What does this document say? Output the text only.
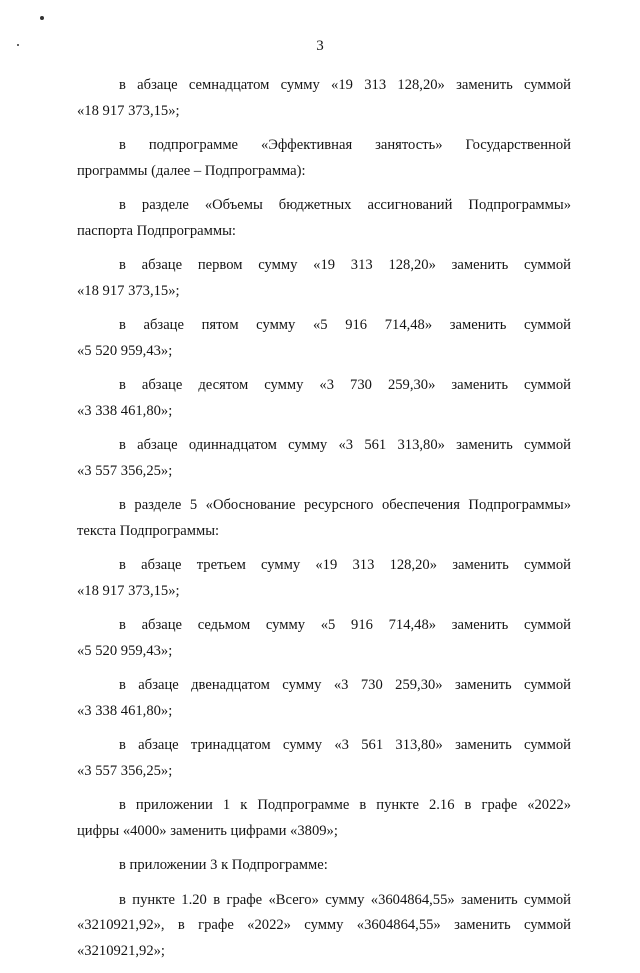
3

в абзаце семнадцатом сумму «19 313 128,20» заменить суммой
«18 917 373,15»;

в подпрограмме «Эффективная занятость» Государственной
программы (далее – Подпрограмма):

в разделе «Объемы бюджетных ассигнований Подпрограммы»
паспорта Подпрограммы:

в абзаце первом сумму «19 313 128,20» заменить суммой
«18 917 373,15»;

в абзаце пятом сумму «5 916 714,48» заменить суммой
«5 520 959,43»;

в абзаце десятом сумму «3 730 259,30» заменить суммой
«3 338 461,80»;

в абзаце одиннадцатом сумму «3 561 313,80» заменить суммой
«3 557 356,25»;

в разделе 5 «Обоснование ресурсного обеспечения Подпрограммы»
текста Подпрограммы:

в абзаце третьем сумму «19 313 128,20» заменить суммой
«18 917 373,15»;

в абзаце седьмом сумму «5 916 714,48» заменить суммой
«5 520 959,43»;

в абзаце двенадцатом сумму «3 730 259,30» заменить суммой
«3 338 461,80»;

в абзаце тринадцатом сумму «3 561 313,80» заменить суммой
«3 557 356,25»;

в приложении 1 к Подпрограмме в пункте 2.16 в графе «2022»
цифры «4000» заменить цифрами «3809»;

в приложении 3 к Подпрограмме:

в пункте 1.20 в графе «Всего» сумму «3604864,55» заменить суммой
«3210921,92», в графе «2022» сумму «3604864,55» заменить суммой
«3210921,92»;
